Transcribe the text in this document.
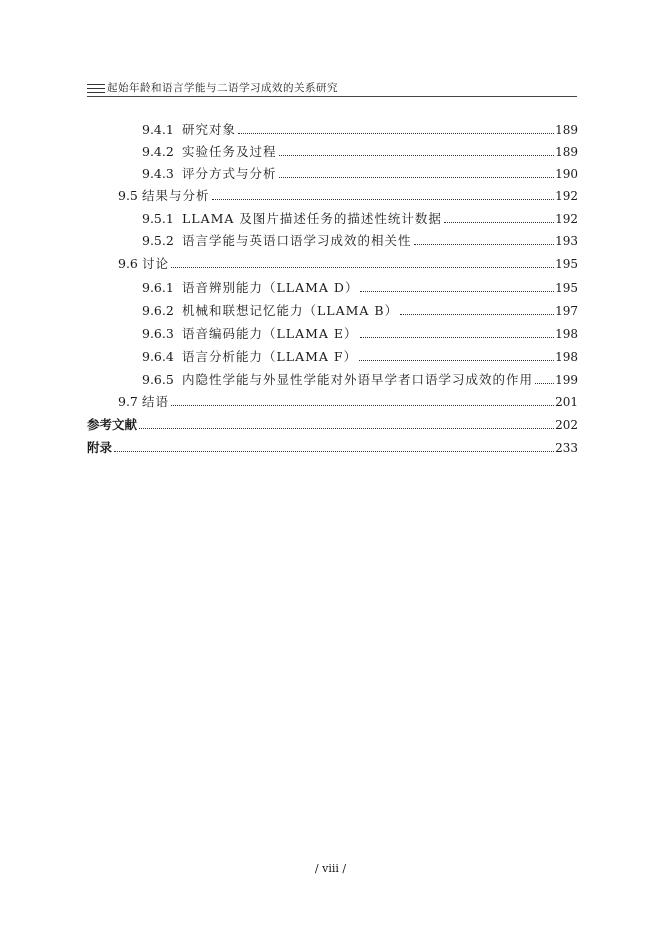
起始年龄和语言学能与二语学习成效的关系研究
9.4.1 研究对象	189
9.4.2 实验任务及过程	189
9.4.3 评分方式与分析	190
9.5 结果与分析	192
9.5.1 LLAMA 及图片描述任务的描述性统计数据	192
9.5.2 语言学能与英语口语学习成效的相关性	193
9.6 讨论	195
9.6.1 语音辨别能力（LLAMA D）	195
9.6.2 机械和联想记忆能力（LLAMA B）	197
9.6.3 语音编码能力（LLAMA E）	198
9.6.4 语言分析能力（LLAMA F）	198
9.6.5 内隐性学能与外显性学能对外语早学者口语学习成效的作用 199
9.7 结语	201
参考文献	202
附录	233
/ viii /
